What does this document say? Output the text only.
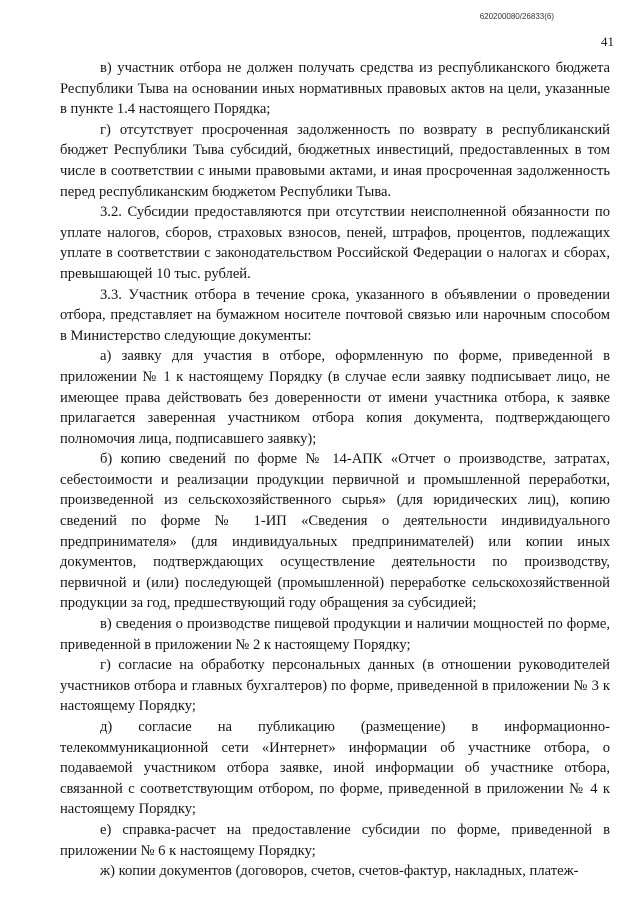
620200080/26833(6)
41

в) участник отбора не должен получать средства из республиканского бюджета Республики Тыва на основании иных нормативных правовых актов на цели, указанные в пункте 1.4 настоящего Порядка;

г) отсутствует просроченная задолженность по возврату в республиканский бюджет Республики Тыва субсидий, бюджетных инвестиций, предоставленных в том числе в соответствии с иными правовыми актами, и иная просроченная задолженность перед республиканским бюджетом Республики Тыва.

3.2. Субсидии предоставляются при отсутствии неисполненной обязанности по уплате налогов, сборов, страховых взносов, пеней, штрафов, процентов, подлежащих уплате в соответствии с законодательством Российской Федерации о налогах и сборах, превышающей 10 тыс. рублей.

3.3. Участник отбора в течение срока, указанного в объявлении о проведении отбора, представляет на бумажном носителе почтовой связью или нарочным способом в Министерство следующие документы:

а) заявку для участия в отборе, оформленную по форме, приведенной в приложении № 1 к настоящему Порядку (в случае если заявку подписывает лицо, не имеющее права действовать без доверенности от имени участника отбора, к заявке прилагается заверенная участником отбора копия документа, подтверждающего полномочия лица, подписавшего заявку);

б) копию сведений по форме № 14-АПК «Отчет о производстве, затратах, себестоимости и реализации продукции первичной и промышленной переработки, произведенной из сельскохозяйственного сырья» (для юридических лиц), копию сведений по форме № 1-ИП «Сведения о деятельности индивидуального предпринимателя» (для индивидуальных предпринимателей) или копии иных документов, подтверждающих осуществление деятельности по производству, первичной и (или) последующей (промышленной) переработке сельскохозяйственной продукции за год, предшествующий году обращения за субсидией;

в) сведения о производстве пищевой продукции и наличии мощностей по форме, приведенной в приложении № 2 к настоящему Порядку;

г) согласие на обработку персональных данных (в отношении руководителей участников отбора и главных бухгалтеров) по форме, приведенной в приложении № 3 к настоящему Порядку;

д) согласие на публикацию (размещение) в информационно-телекоммуникационной сети «Интернет» информации об участнике отбора, о подаваемой участником отбора заявке, иной информации об участнике отбора, связанной с соответствующим отбором, по форме, приведенной в приложении № 4 к настоящему Порядку;

е) справка-расчет на предоставление субсидии по форме, приведенной в приложении № 6 к настоящему Порядку;

ж) копии документов (договоров, счетов, счетов-фактур, накладных, платеж-
